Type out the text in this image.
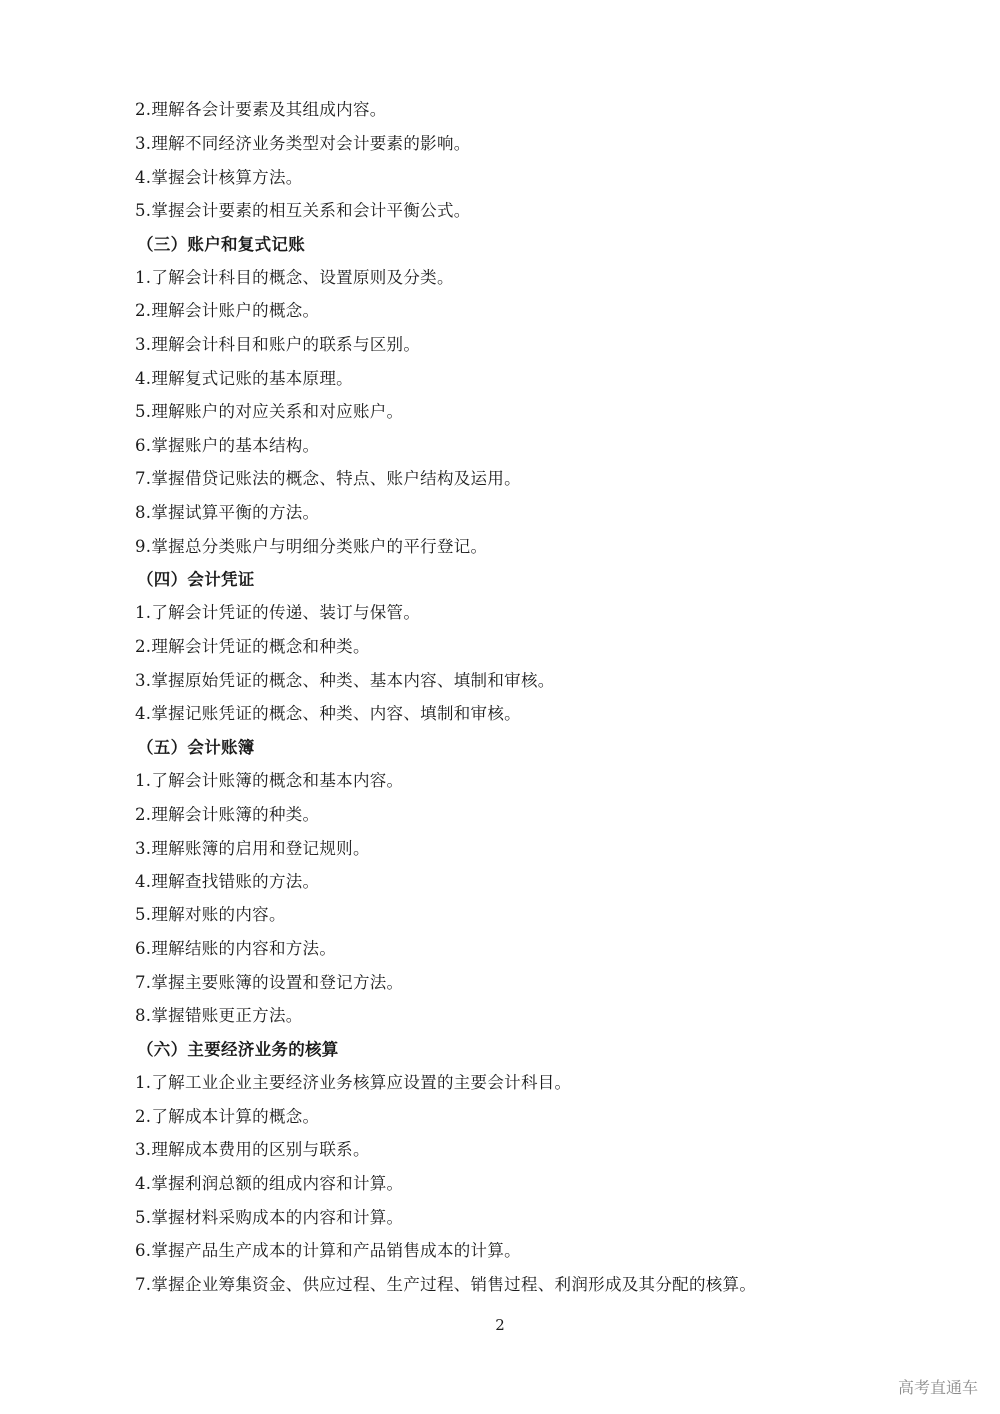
2.理解各会计要素及其组成内容。
3.理解不同经济业务类型对会计要素的影响。
4.掌握会计核算方法。
5.掌握会计要素的相互关系和会计平衡公式。
（三）账户和复式记账
1.了解会计科目的概念、设置原则及分类。
2.理解会计账户的概念。
3.理解会计科目和账户的联系与区别。
4.理解复式记账的基本原理。
5.理解账户的对应关系和对应账户。
6.掌握账户的基本结构。
7.掌握借贷记账法的概念、特点、账户结构及运用。
8.掌握试算平衡的方法。
9.掌握总分类账户与明细分类账户的平行登记。
（四）会计凭证
1.了解会计凭证的传递、装订与保管。
2.理解会计凭证的概念和种类。
3.掌握原始凭证的概念、种类、基本内容、填制和审核。
4.掌握记账凭证的概念、种类、内容、填制和审核。
（五）会计账簿
1.了解会计账簿的概念和基本内容。
2.理解会计账簿的种类。
3.理解账簿的启用和登记规则。
4.理解查找错账的方法。
5.理解对账的内容。
6.理解结账的内容和方法。
7.掌握主要账簿的设置和登记方法。
8.掌握错账更正方法。
（六）主要经济业务的核算
1.了解工业企业主要经济业务核算应设置的主要会计科目。
2.了解成本计算的概念。
3.理解成本费用的区别与联系。
4.掌握利润总额的组成内容和计算。
5.掌握材料采购成本的内容和计算。
6.掌握产品生产成本的计算和产品销售成本的计算。
7.掌握企业筹集资金、供应过程、生产过程、销售过程、利润形成及其分配的核算。
2
高考直通车
